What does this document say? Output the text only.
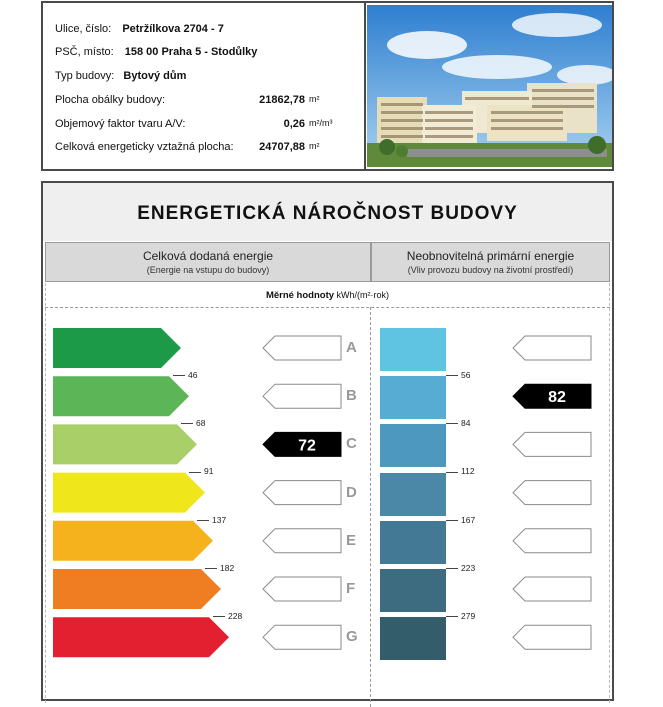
Ulice, číslo: Petržílkova 2704 - 7
PSČ, místo: 158 00 Praha 5 - Stodůlky
Typ budovy: Bytový dům
Plocha obálky budovy:	21862,78 m²
Objemový faktor tvaru A/V:	0,26 m²/m³
Celková energeticky vztažná plocha:	24707,88 m²
ENERGETICKÁ NÁROČNOST BUDOVY
Celková dodaná energie
(Energie na vstupu do budovy)
Neobnovitelná primární energie
(Vliv provozu budovy na životní prostředí)
Měrné hodnoty kWh/(m²·rok)
46
68
91
137
182
228
82
72
A
B
C
D
E
F
G
56
84
112
167
223
279
